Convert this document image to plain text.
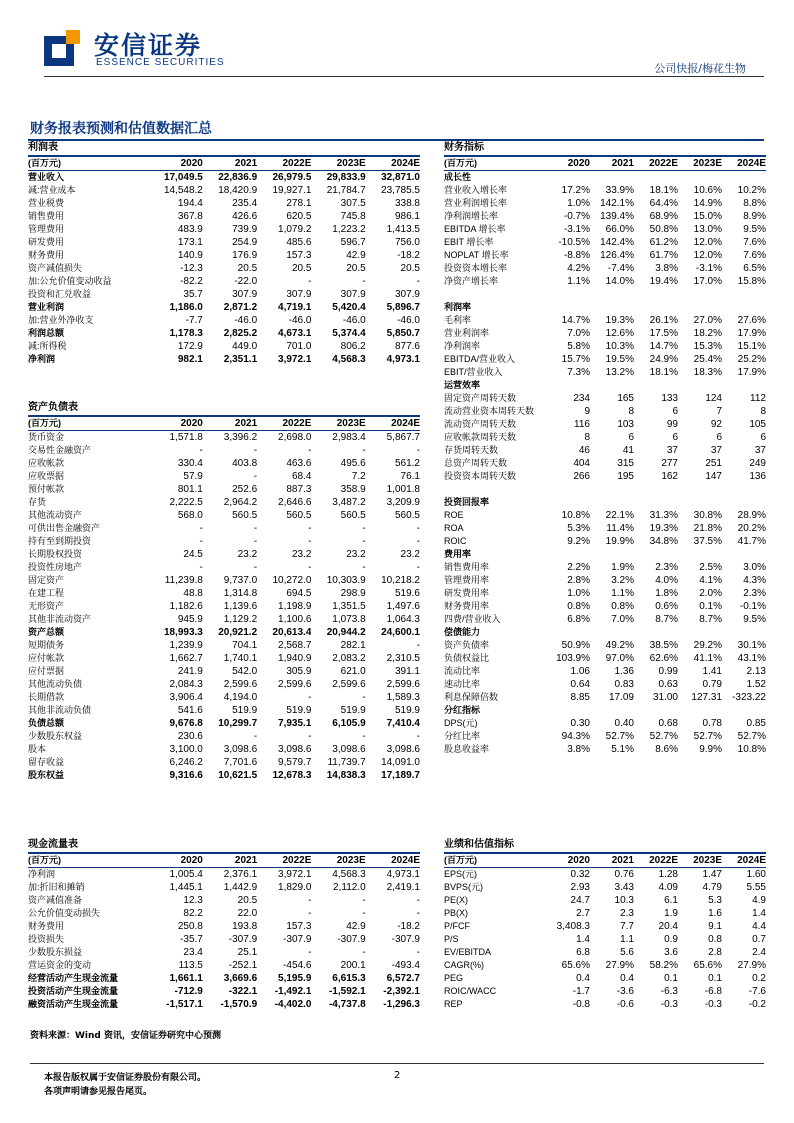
安信证券
ESSENCE SECURITIES	公司快报/梅花生物
财务报表预测和估值数据汇总
利润表
(百万元)	2020	2021	2022E	2023E	2024E
营业收入	17,049.5	22,836.9	26,979.5	29,833.9	32,871.0
减:营业成本	14,548.2	18,420.9	19,927.1	21,784.7	23,785.5
营业税费	194.4	235.4	278.1	307.5	338.8
销售费用	367.8	426.6	620.5	745.8	986.1
管理费用	483.9	739.9	1,079.2	1,223.2	1,413.5
研发费用	173.1	254.9	485.6	596.7	756.0
财务费用	140.9	176.9	157.3	42.9	-18.2
资产减值损失	-12.3	20.5	20.5	20.5	20.5
加:公允价值变动收益	-82.2	-22.0	-	-	-
投资和汇兑收益	35.7	307.9	307.9	307.9	307.9
营业利润	1,186.0	2,871.2	4,719.1	5,420.4	5,896.7
加:营业外净收支	-7.7	-46.0	-46.0	-46.0	-46.0
利润总额	1,178.3	2,825.2	4,673.1	5,374.4	5,850.7
减:所得税	172.9	449.0	701.0	806.2	877.6
净利润	982.1	2,351.1	3,972.1	4,568.3	4,973.1
资产负债表
(百万元)	2020	2021	2022E	2023E	2024E
货币资金	1,571.8	3,396.2	2,698.0	2,983.4	5,867.7
交易性金融资产	-	-	-	-	-
应收帐款	330.4	403.8	463.6	495.6	561.2
应收票据	57.9	-	68.4	7.2	76.1
预付帐款	801.1	252.6	887.3	358.9	1,001.8
存货	2,222.5	2,964.2	2,646.6	3,487.2	3,209.9
其他流动资产	568.0	560.5	560.5	560.5	560.5
可供出售金融资产	-	-	-	-	-
持有至到期投资	-	-	-	-	-
长期股权投资	24.5	23.2	23.2	23.2	23.2
投资性房地产	-	-	-	-	-
固定资产	11,239.8	9,737.0	10,272.0	10,303.9	10,218.2
在建工程	48.8	1,314.8	694.5	298.9	519.6
无形资产	1,182.6	1,139.6	1,198.9	1,351.5	1,497.6
其他非流动资产	945.9	1,129.2	1,100.6	1,073.8	1,064.3
资产总额	18,993.3	20,921.2	20,613.4	20,944.2	24,600.1
短期债务	1,239.9	704.1	2,568.7	282.1	-
应付帐款	1,662.7	1,740.1	1,940.9	2,083.2	2,310.5
应付票据	241.9	542.0	305.9	621.0	391.1
其他流动负债	2,084.3	2,599.6	2,599.6	2,599.6	2,599.6
长期借款	3,906.4	4,194.0	-	-	1,589.3
其他非流动负债	541.6	519.9	519.9	519.9	519.9
负债总额	9,676.8	10,299.7	7,935.1	6,105.9	7,410.4
少数股东权益	230.6	-	-	-	-
股本	3,100.0	3,098.6	3,098.6	3,098.6	3,098.6
留存收益	6,246.2	7,701.6	9,579.7	11,739.7	14,091.0
股东权益	9,316.6	10,621.5	12,678.3	14,838.3	17,189.7
财务指标
(百万元)	2020	2021	2022E	2023E	2024E
成长性					
营业收入增长率	17.2%	33.9%	18.1%	10.6%	10.2%
营业利润增长率	1.0%	142.1%	64.4%	14.9%	8.8%
净利润增长率	-0.7%	139.4%	68.9%	15.0%	8.9%
EBITDA 增长率	-3.1%	66.0%	50.8%	13.0%	9.5%
EBIT 增长率	-10.5%	142.4%	61.2%	12.0%	7.6%
NOPLAT 增长率	-8.8%	126.4%	61.7%	12.0%	7.6%
投资资本增长率	4.2%	-7.4%	3.8%	-3.1%	6.5%
净资产增长率	1.1%	14.0%	19.4%	17.0%	15.8%

利润率					
毛利率	14.7%	19.3%	26.1%	27.0%	27.6%
营业利润率	7.0%	12.6%	17.5%	18.2%	17.9%
净利润率	5.8%	10.3%	14.7%	15.3%	15.1%
EBITDA/营业收入	15.7%	19.5%	24.9%	25.4%	25.2%
EBIT/营业收入	7.3%	13.2%	18.1%	18.3%	17.9%
运营效率					
固定资产周转天数	234	165	133	124	112
流动营业资本周转天数	9	8	6	7	8
流动资产周转天数	116	103	99	92	105
应收帐款周转天数	8	6	6	6	6
存货周转天数	46	41	37	37	37
总资产周转天数	404	315	277	251	249
投资资本周转天数	266	195	162	147	136

投资回报率					
ROE	10.8%	22.1%	31.3%	30.8%	28.9%
ROA	5.3%	11.4%	19.3%	21.8%	20.2%
ROIC	9.2%	19.9%	34.8%	37.5%	41.7%
费用率					
销售费用率	2.2%	1.9%	2.3%	2.5%	3.0%
管理费用率	2.8%	3.2%	4.0%	4.1%	4.3%
研发费用率	1.0%	1.1%	1.8%	2.0%	2.3%
财务费用率	0.8%	0.8%	0.6%	0.1%	-0.1%
四费/营业收入	6.8%	7.0%	8.7%	8.7%	9.5%
偿债能力					
资产负债率	50.9%	49.2%	38.5%	29.2%	30.1%
负债权益比	103.9%	97.0%	62.6%	41.1%	43.1%
流动比率	1.06	1.36	0.99	1.41	2.13
速动比率	0.64	0.83	0.63	0.79	1.52
利息保障倍数	8.85	17.09	31.00	127.31	-323.22
分红指标					
DPS(元)	0.30	0.40	0.68	0.78	0.85
分红比率	94.3%	52.7%	52.7%	52.7%	52.7%
股息收益率	3.8%	5.1%	8.6%	9.9%	10.8%
现金流量表
(百万元)	2020	2021	2022E	2023E	2024E
净利润	1,005.4	2,376.1	3,972.1	4,568.3	4,973.1
加:折旧和摊销	1,445.1	1,442.9	1,829.0	2,112.0	2,419.1
资产减值准备	12.3	20.5	-	-	-
公允价值变动损失	82.2	22.0	-	-	-
财务费用	250.8	193.8	157.3	42.9	-18.2
投资损失	-35.7	-307.9	-307.9	-307.9	-307.9
少数股东损益	23.4	25.1	-	-	-
营运资金的变动	113.5	-252.1	-454.6	200.1	-493.4
经营活动产生现金流量	1,661.1	3,669.6	5,195.9	6,615.3	6,572.7
投资活动产生现金流量	-712.9	-322.1	-1,492.1	-1,592.1	-2,392.1
融资活动产生现金流量	-1,517.1	-1,570.9	-4,402.0	-4,737.8	-1,296.3
业绩和估值指标
(百万元)	2020	2021	2022E	2023E	2024E
EPS(元)	0.32	0.76	1.28	1.47	1.60
BVPS(元)	2.93	3.43	4.09	4.79	5.55
PE(X)	24.7	10.3	6.1	5.3	4.9
PB(X)	2.7	2.3	1.9	1.6	1.4
P/FCF	3,408.3	7.7	20.4	9.1	4.4
P/S	1.4	1.1	0.9	0.8	0.7
EV/EBITDA	6.8	5.6	3.6	2.8	2.4
CAGR(%)	65.6%	27.9%	58.2%	65.6%	27.9%
PEG	0.4	0.4	0.1	0.1	0.2
ROIC/WACC	-1.7	-3.6	-6.3	-6.8	-7.6
REP	-0.8	-0.6	-0.3	-0.3	-0.2
资料来源：Wind 资讯，安信证券研究中心预测
本报告版权属于安信证券股份有限公司。
各项声明请参见报告尾页。
2
